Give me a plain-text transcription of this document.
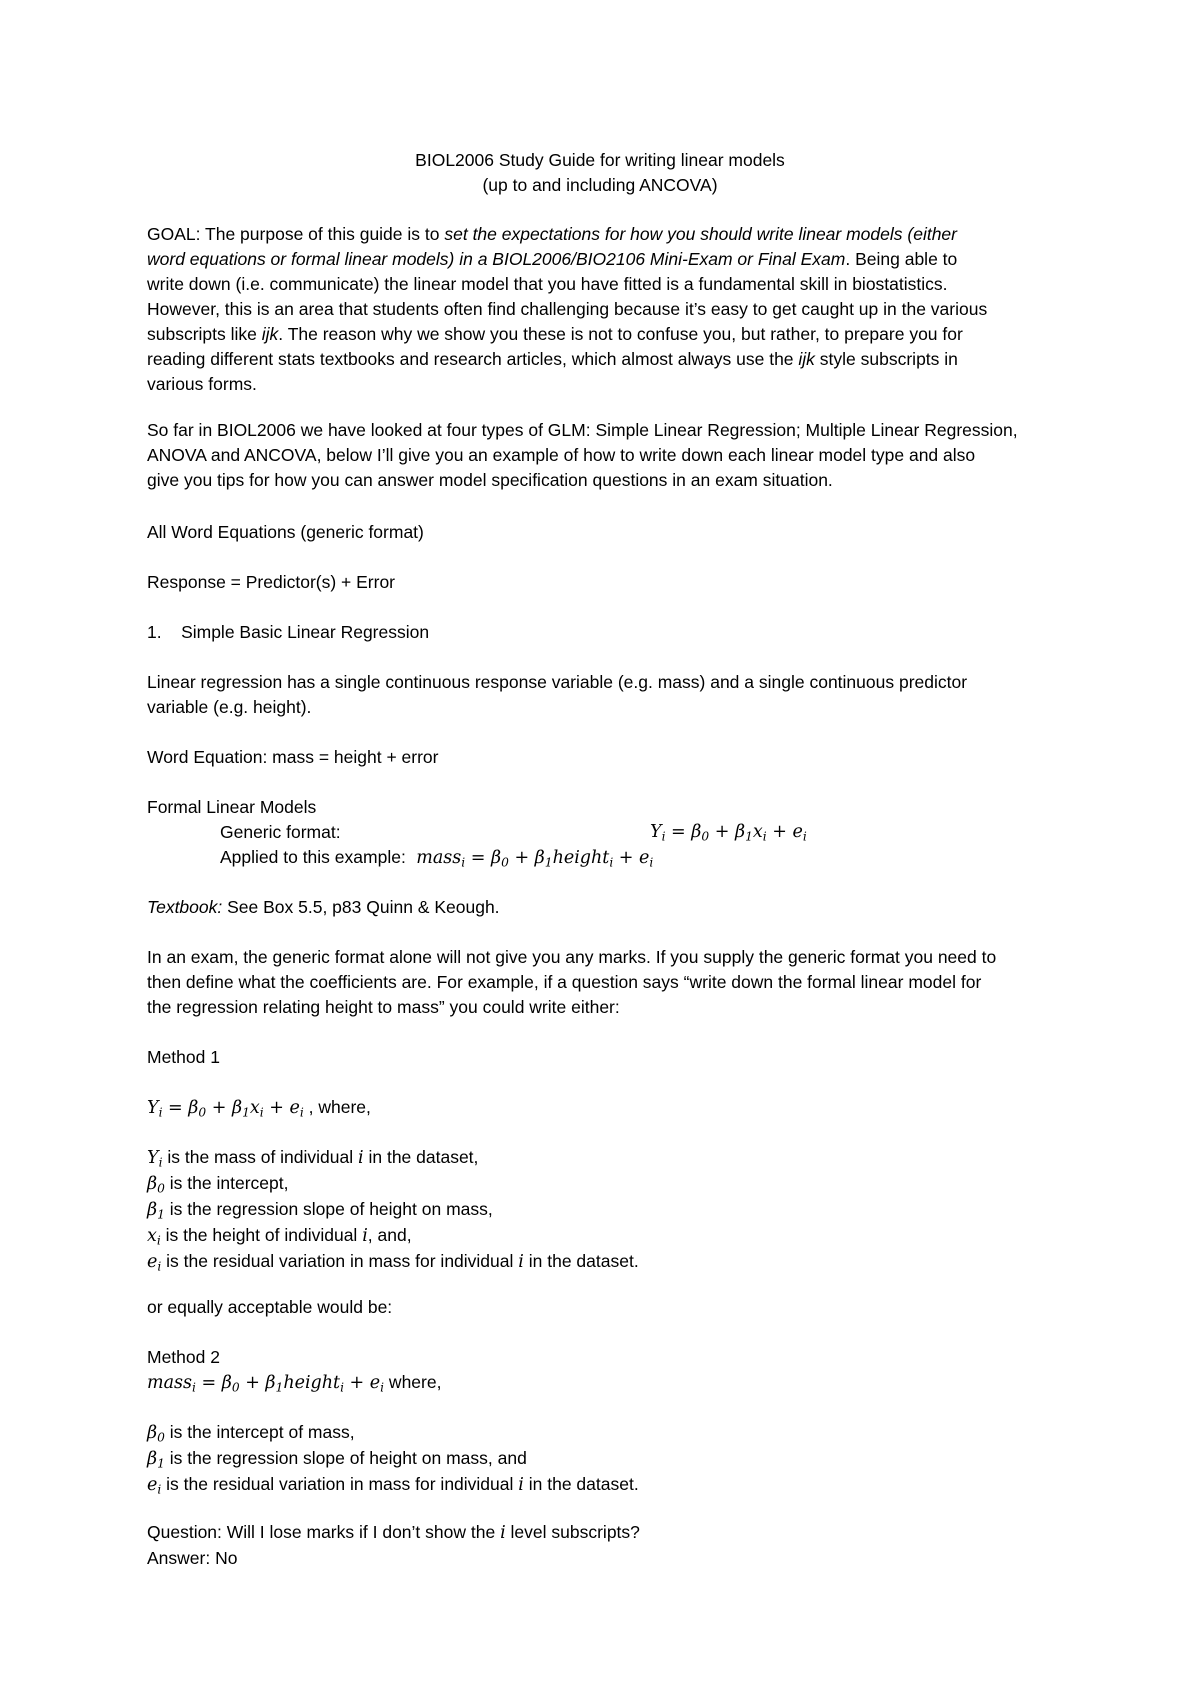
BIOL2006 Study Guide for writing linear models
(up to and including ANCOVA)
GOAL: The purpose of this guide is to set the expectations for how you should write linear models (either
word equations or formal linear models) in a BIOL2006/BIO2106 Mini-Exam or Final Exam. Being able to
write down (i.e. communicate) the linear model that you have fitted is a fundamental skill in biostatistics.
However, this is an area that students often find challenging because it’s easy to get caught up in the various
subscripts like ijk. The reason why we show you these is not to confuse you, but rather, to prepare you for
reading different stats textbooks and research articles, which almost always use the ijk style subscripts in
various forms.
So far in BIOL2006 we have looked at four types of GLM: Simple Linear Regression; Multiple Linear Regression,
ANOVA and ANCOVA, below I’ll give you an example of how to write down each linear model type and also
give you tips for how you can answer model specification questions in an exam situation.
All Word Equations (generic format)
Response = Predictor(s) + Error
1. Simple Basic Linear Regression
Linear regression has a single continuous response variable (e.g. mass) and a single continuous predictor
variable (e.g. height).
Word Equation: mass = height + error
Formal Linear Models
Generic format:	$Y_i = \beta_0 + \beta_1x_i + e_i$
Applied to this example:  mass$_i$ = $\beta_0$ + $\beta_1height_i + e_i$
Textbook: See Box 5.5, p83 Quinn & Keough.
In an exam, the generic format alone will not give you any marks. If you supply the generic format you need to
then define what the coefficients are. For example, if a question says “write down the formal linear model for
the regression relating height to mass” you could write either:
Method 1
$Y_i = \beta_0 + \beta_1x_i + e_i$ , where,
$Y_i$ is the mass of individual i in the dataset,
$\beta_0$ is the intercept,
$\beta_1$ is the regression slope of height on mass,
$x_i$ is the height of individual i, and,
$e_i$ is the residual variation in mass for individual i in the dataset.
or equally acceptable would be:
Method 2
mass$_i$ = $\beta_0$ + $\beta_1height_i + e_i$ where,
$\beta_0$ is the intercept of mass,
$\beta_1$ is the regression slope of height on mass, and
$e_i$ is the residual variation in mass for individual i in the dataset.
Question: Will I lose marks if I don’t show the i level subscripts?
Answer: No
